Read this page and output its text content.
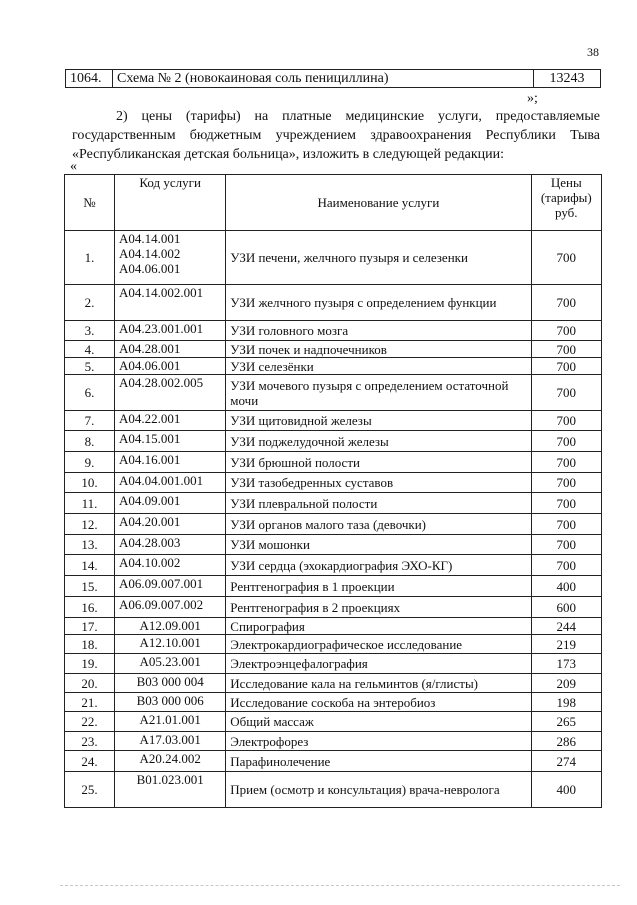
38
1064.	Схема № 2 (новокаиновая соль пенициллина)	13243
»;

2) цены (тарифы) на платные медицинские услуги, предоставляемые государственным бюджетным учреждением здравоохранения Республики Тыва «Республиканская детская больница», изложить в следующей редакции:

«
№	Код услуги	Наименование услуги	Цены (тарифы) руб.
1.	A04.14.001
A04.14.002
A04.06.001	УЗИ печени, желчного пузыря и селезенки	700
2.	A04.14.002.001	УЗИ желчного пузыря с определением функции	700
3.	A04.23.001.001	УЗИ головного мозга	700
4.	A04.28.001	УЗИ почек и надпочечников	700
5.	A04.06.001	УЗИ селезёнки	700
6.	A04.28.002.005	УЗИ мочевого пузыря с определением остаточной мочи	700
7.	A04.22.001	УЗИ щитовидной железы	700
8.	A04.15.001	УЗИ поджелудочной железы	700
9.	A04.16.001	УЗИ брюшной полости	700
10.	A04.04.001.001	УЗИ тазобедренных суставов	700
11.	A04.09.001	УЗИ плевральной полости	700
12.	A04.20.001	УЗИ органов малого таза (девочки)	700
13.	A04.28.003	УЗИ мошонки	700
14.	A04.10.002	УЗИ сердца (эхокардиография ЭХО-КГ)	700
15.	A06.09.007.001	Рентгенография в 1 проекции	400
16.	A06.09.007.002	Рентгенография в 2 проекциях	600
17.	A12.09.001	Спирография	244
18.	A12.10.001	Электрокардиографическое исследование	219
19.	A05.23.001	Электроэнцефалография	173
20.	B03 000 004	Исследование кала на гельминтов (я/глисты)	209
21.	B03 000 006	Исследование соскоба на энтеробиоз	198
22.	A21.01.001	Общий массаж	265
23.	A17.03.001	Электрофорез	286
24.	A20.24.002	Парафинолечение	274
25.	B01.023.001	Прием (осмотр и консультация) врача-невролога	400
